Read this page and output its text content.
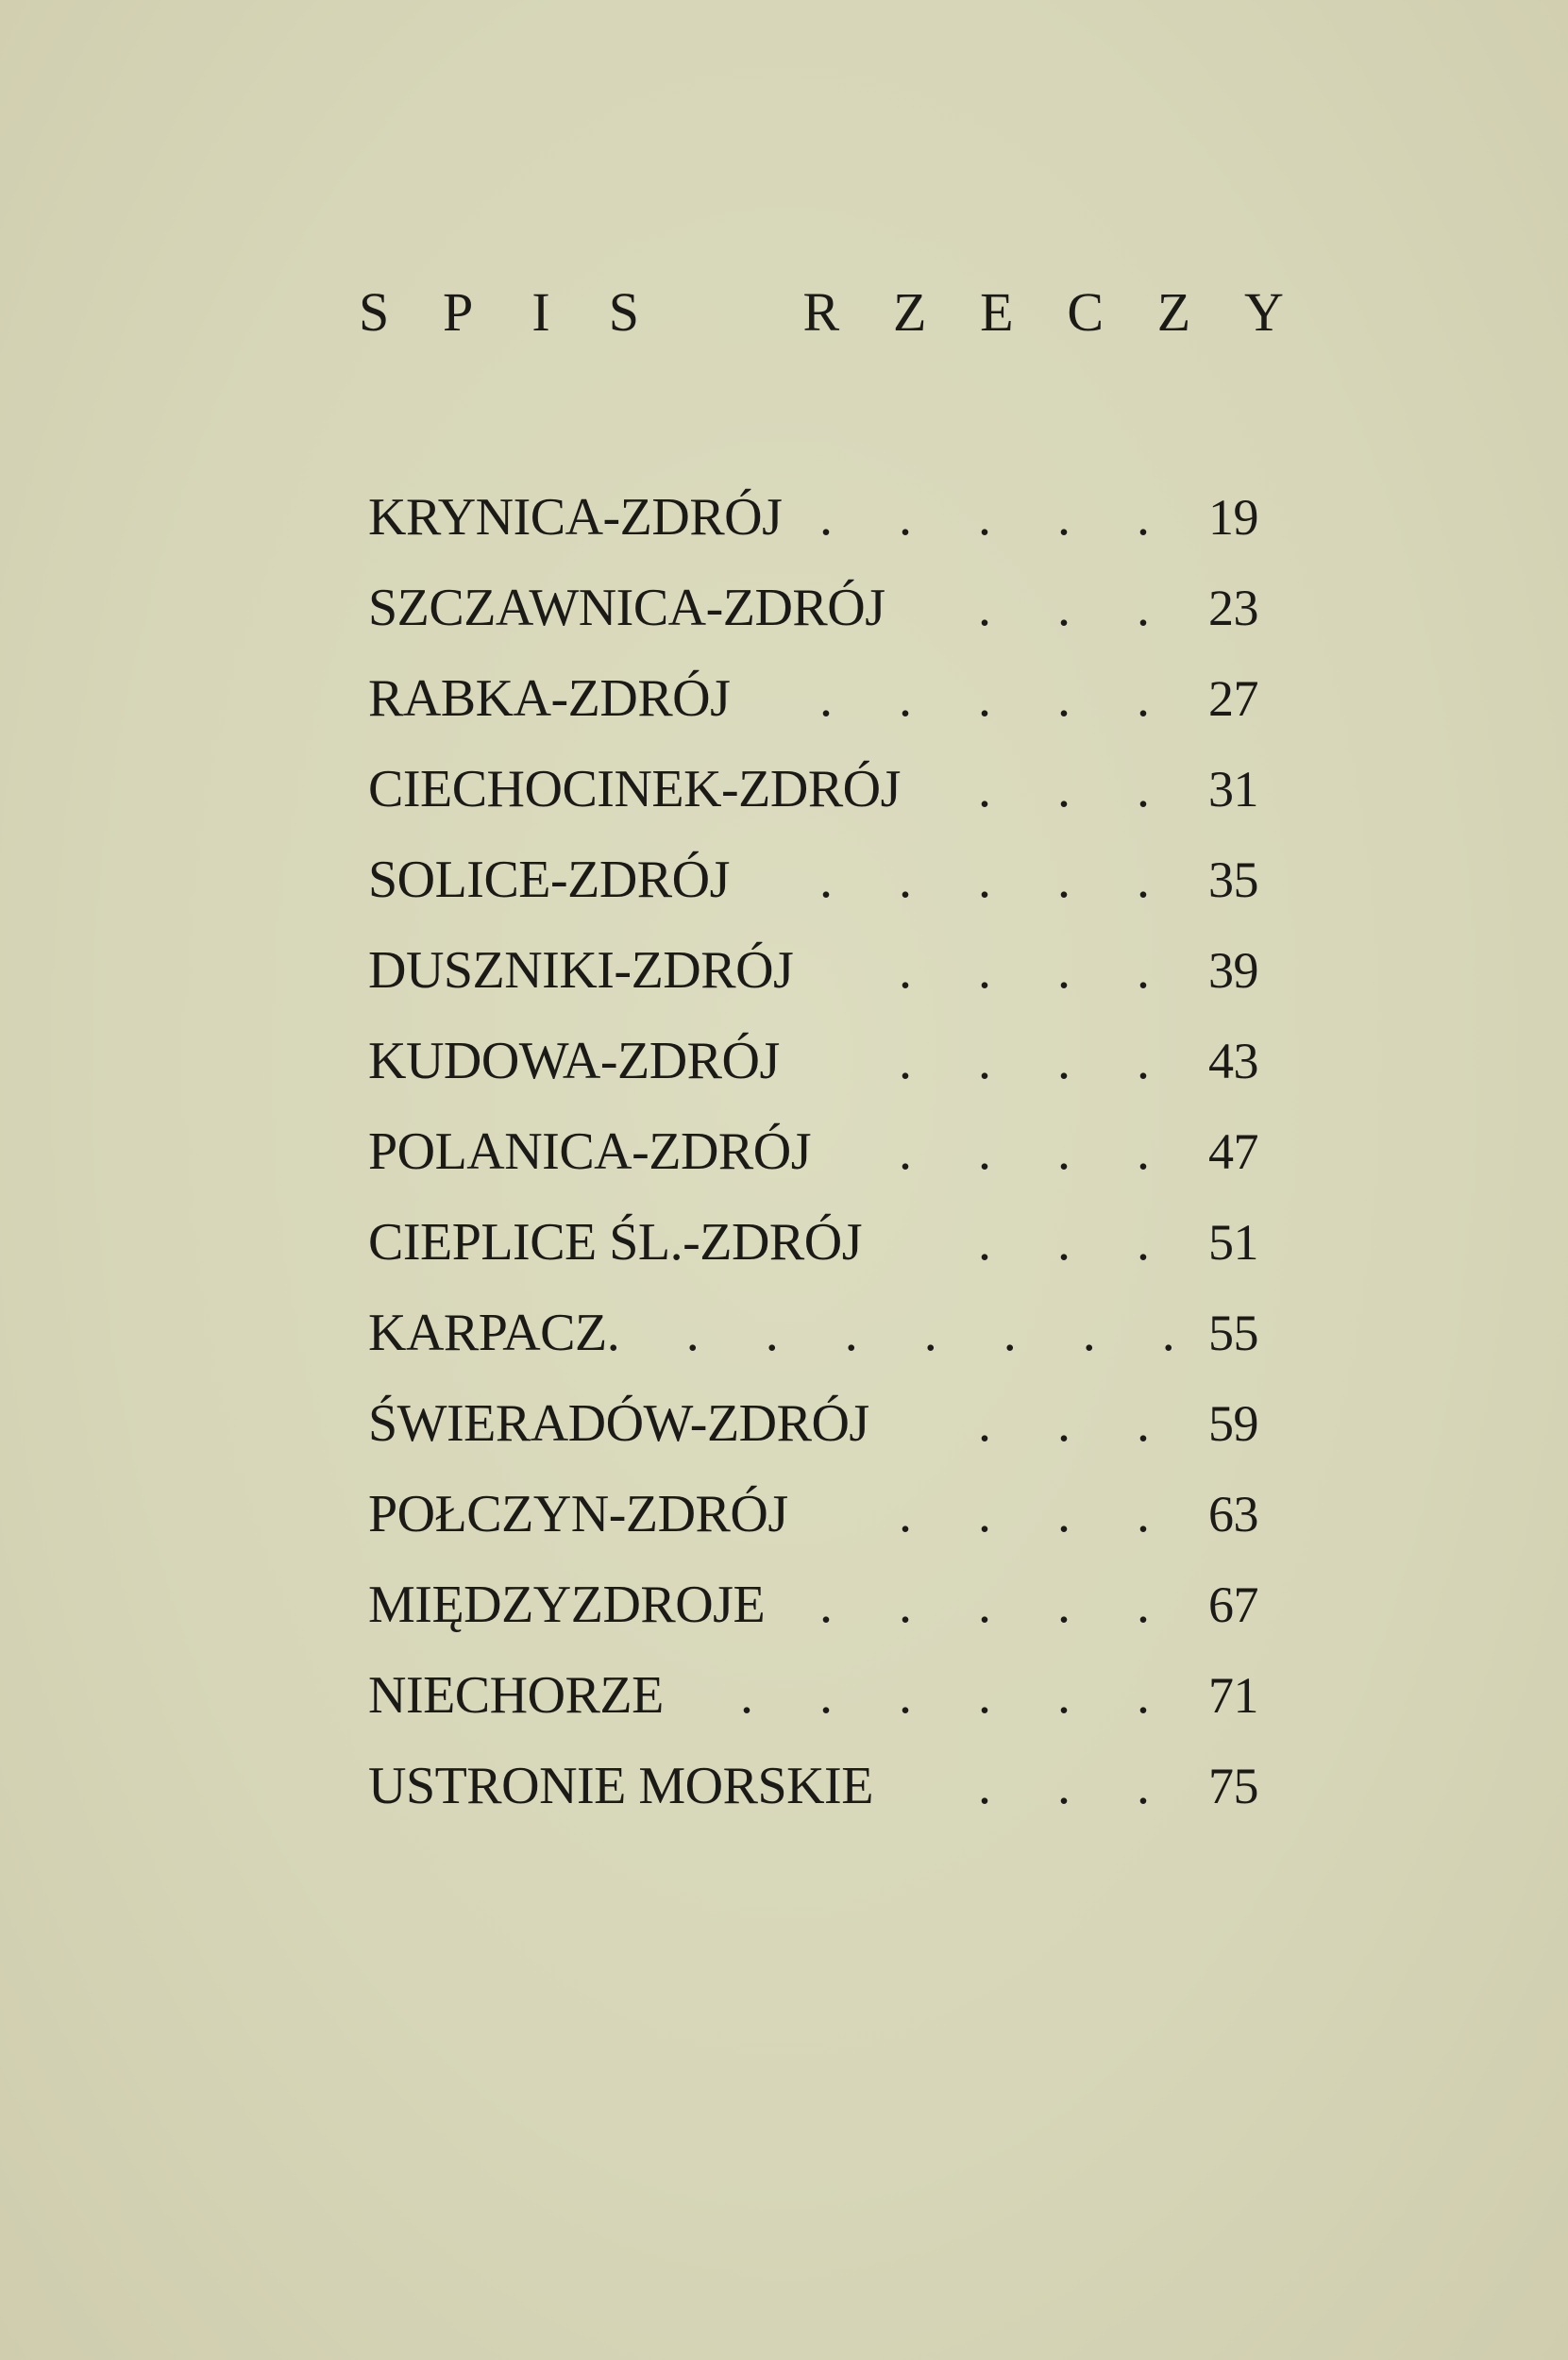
S P I S	R Z E C Z Y
KRYNICA-ZDRÓJ . . . . . 19
SZCZAWNICA-ZDRÓJ	. . . 23
RABKA-ZDRÓJ	. . . . . 27
CIECHOCINEK-ZDRÓJ	. . . 31
SOLICE-ZDRÓJ	. . . . . 35
DUSZNIKI-ZDRÓJ	. . . . 39
KUDOWA-ZDRÓJ	. . . . 43
POLANICA-ZDRÓJ	. . . . 47
CIEPLICE ŚL.-ZDRÓJ	. . . 51
KARPACZ . . . . . . . . 55
ŚWIERADÓW-ZDRÓJ	. . . 59
POŁCZYN-ZDRÓJ	. . . . 63
MIĘDZYZDROJE	. . . . . 67
NIECHORZE	. . . . . . 71
USTRONIE MORSKIE	. . . 75
